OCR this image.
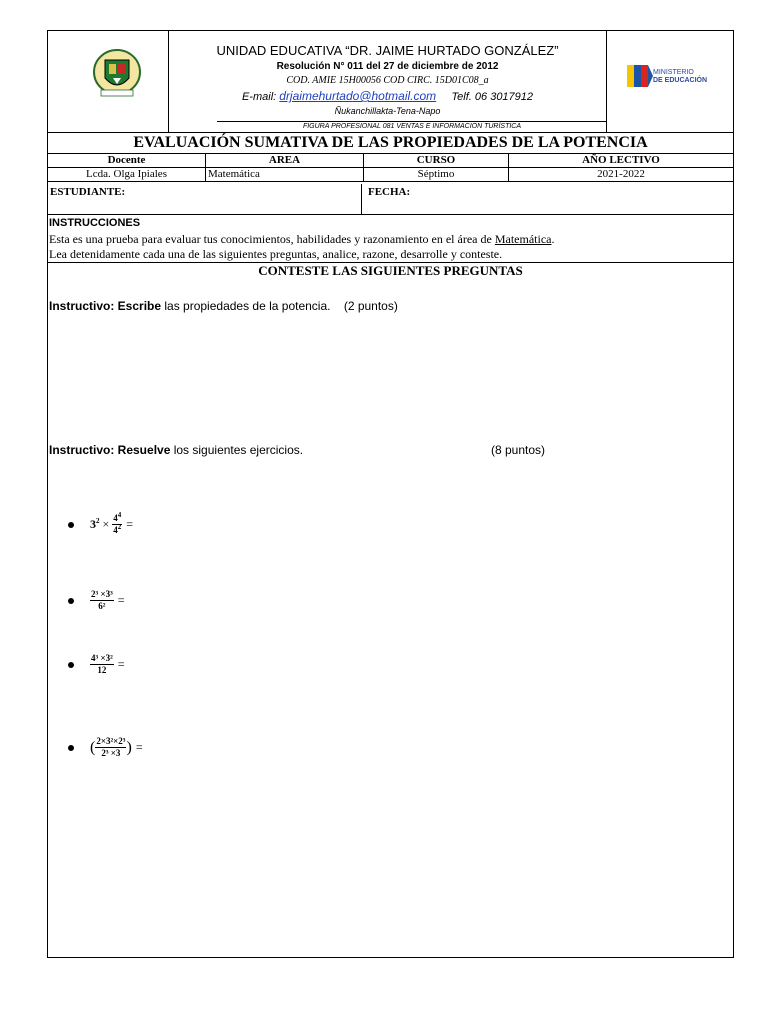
UNIDAD EDUCATIVA “DR. JAIME HURTADO GONZÁLEZ”
Resolución N° 011 del 27 de diciembre de 2012
COD. AMIE 15H00056 COD CIRC. 15D01C08_a
E-mail: drjaimehurtado@hotmail.com Telf. 06 3017912
Ñukanchillakta-Tena-Napo
FIGURA PROFESIONAL 081 VENTAS E INFORMACIÓN TURÍSTICA
MINISTERIO
DE EDUCACIÓN
EVALUACIÓN SUMATIVA DE LAS PROPIEDADES DE LA POTENCIA
Docente	AREA	CURSO	AÑO LECTIVO
Lcda. Olga Ipiales	Matemática	Séptimo	2021-2022
ESTUDIANTE:	FECHA:
INSTRUCCIONES
Esta es una prueba para evaluar tus conocimientos, habilidades y razonamiento en el área de Matemática.
Lea detenidamente cada una de las siguientes preguntas, analice, razone, desarrolle y conteste.
CONTESTE LAS SIGUIENTES PREGUNTAS
Instructivo: Escribe las propiedades de la potencia.    (2 puntos)
Instructivo: Resuelve los siguientes ejercicios.	(8 puntos)
$3^2 \times \frac{4^4}{4^2}$ =
$\frac{\text{2³ ×3³}}{\text{6²}}$ =
$\frac{\text{4³ ×3²}}{12}$ =
( $\frac{\text{2×3²×2³}}{\text{2³ ×3}}$ ) =
